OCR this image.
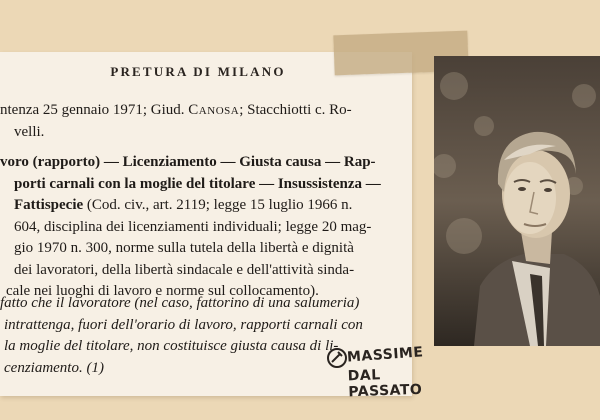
PRETURA DI MILANO
ntenza 25 gennaio 1971; Giud. Canosa; Stacchiotti c. Ro-
velli.
voro (rapporto) — Licenziamento — Giusta causa — Rap-
porti carnali con la moglie del titolare — Insussistenza —
Fattispecie (Cod. civ., art. 2119; legge 15 luglio 1966 n.
604, disciplina dei licenziamenti individuali; legge 20 mag-
gio 1970 n. 300, norme sulla tutela della libertà e dignità
dei lavoratori, della libertà sindacale e dell'attività sinda-
cale nei luoghi di lavoro e norme sul collocamento).
fatto che il lavoratore (nel caso, fattorino di una salumeria)
intrattenga, fuori dell'orario di lavoro, rapporti carnali con
la moglie del titolare, non costituisce giusta causa di li-
cenziamento. (1)
MASSIME
DAL PASSATO
